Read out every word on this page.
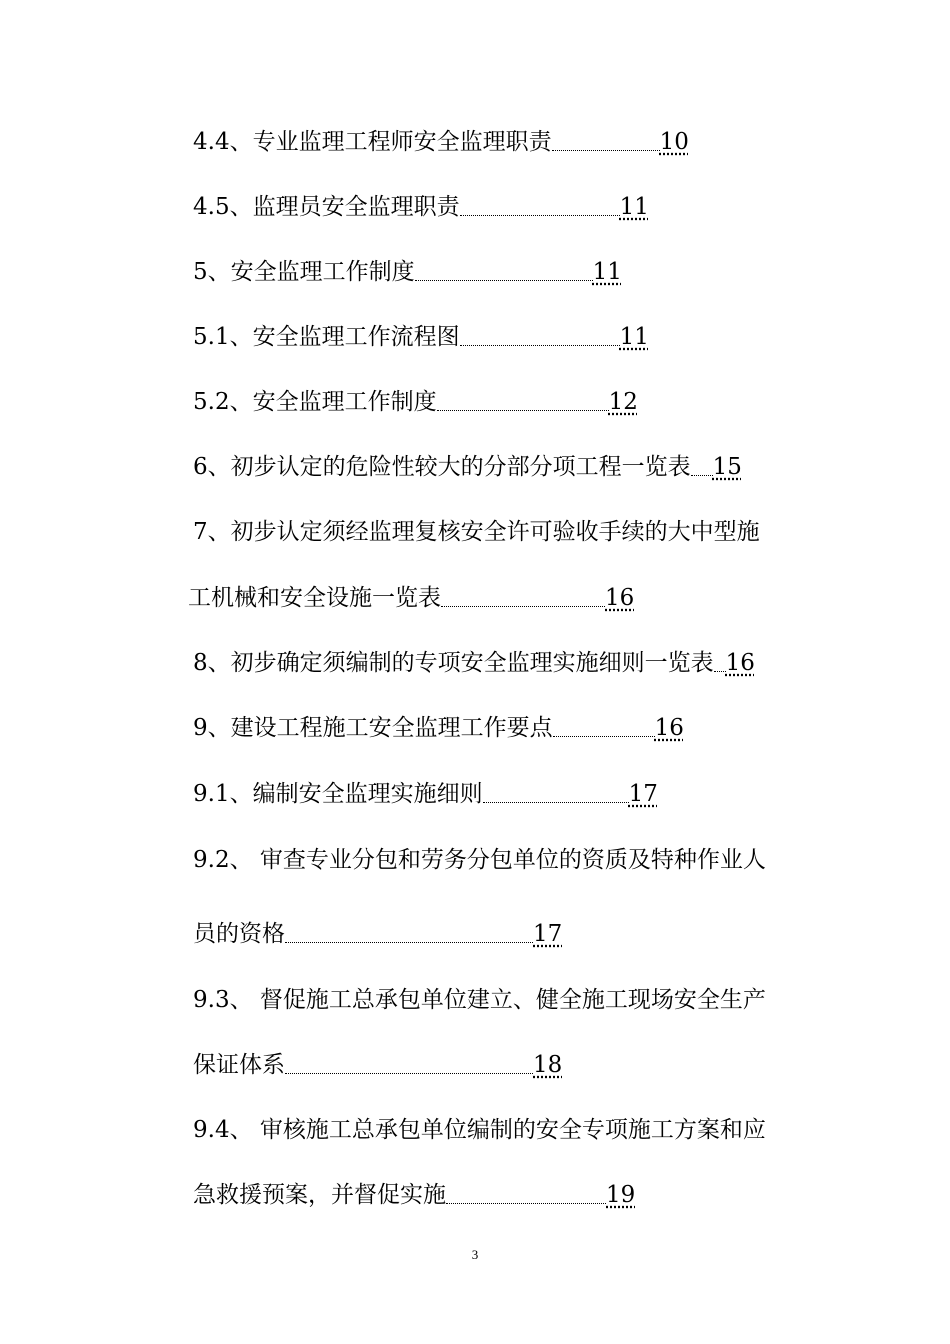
4.4、专业监理工程师安全监理职责	10
4.5、监理员安全监理职责	11
5、安全监理工作制度	11
5.1、安全监理工作流程图	11
5.2、安全监理工作制度	12
6、初步认定的危险性较大的分部分项工程一览表 15
7、初步认定须经监理复核安全许可验收手续的大中型施
工机械和安全设施一览表	16
8、初步确定须编制的专项安全监理实施细则一览表 16
9、建设工程施工安全监理工作要点	16
9.1、编制安全监理实施细则	17
9.2、 审查专业分包和劳务分包单位的资质及特种作业人
员的资格	17
9.3、 督促施工总承包单位建立、健全施工现场安全生产
保证体系	18
9.4、 审核施工总承包单位编制的安全专项施工方案和应
急救援预案，并督促实施	19
3
